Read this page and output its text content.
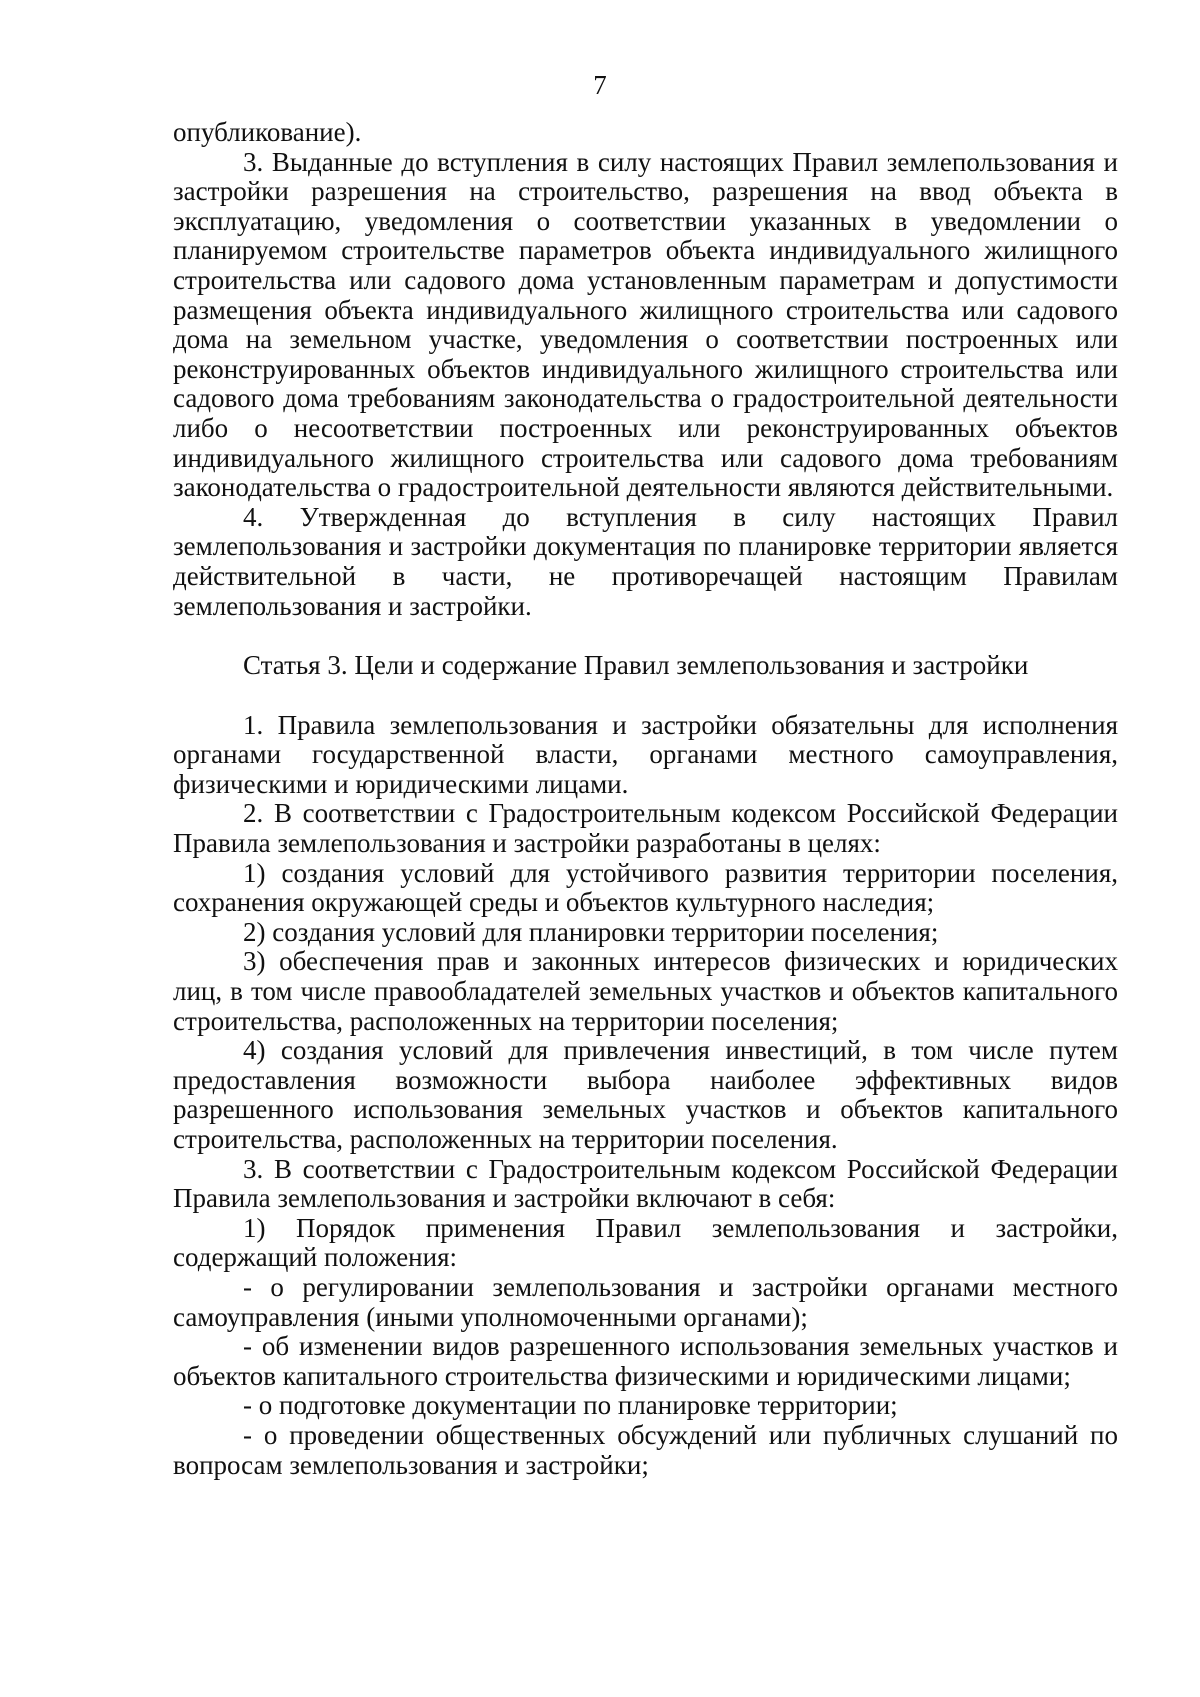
7

опубликование).

3. Выданные до вступления в силу настоящих Правил землепользования и застройки разрешения на строительство, разрешения на ввод объекта в эксплуатацию, уведомления о соответствии указанных в уведомлении о планируемом строительстве параметров объекта индивидуального жилищного строительства или садового дома установленным параметрам и допустимости размещения объекта индивидуального жилищного строительства или садового дома на земельном участке, уведомления о соответствии построенных или реконструированных объектов индивидуального жилищного строительства или садового дома требованиям законодательства о градостроительной деятельности либо о несоответствии построенных или реконструированных объектов индивидуального жилищного строительства или садового дома требованиям законодательства о градостроительной деятельности являются действительными.

4. Утвержденная до вступления в силу настоящих Правил землепользования и застройки документация по планировке территории является действительной в части, не противоречащей настоящим Правилам землепользования и застройки.

Статья 3. Цели и содержание Правил землепользования и застройки

1. Правила землепользования и застройки обязательны для исполнения органами государственной власти, органами местного самоуправления, физическими и юридическими лицами.

2. В соответствии с Градостроительным кодексом Российской Федерации Правила землепользования и застройки разработаны в целях:

1) создания условий для устойчивого развития территории поселения, сохранения окружающей среды и объектов культурного наследия;

2) создания условий для планировки территории поселения;

3) обеспечения прав и законных интересов физических и юридических лиц, в том числе правообладателей земельных участков и объектов капитального строительства, расположенных на территории поселения;

4) создания условий для привлечения инвестиций, в том числе путем предоставления возможности выбора наиболее эффективных видов разрешенного использования земельных участков и объектов капитального строительства, расположенных на территории поселения.

3. В соответствии с Градостроительным кодексом Российской Федерации Правила землепользования и застройки включают в себя:

1) Порядок применения Правил землепользования и застройки, содержащий положения:

- о регулировании землепользования и застройки органами местного самоуправления (иными уполномоченными органами);

- об изменении видов разрешенного использования земельных участков и объектов капитального строительства физическими и юридическими лицами;

- о подготовке документации по планировке территории;

- о проведении общественных обсуждений или публичных слушаний по вопросам землепользования и застройки;
